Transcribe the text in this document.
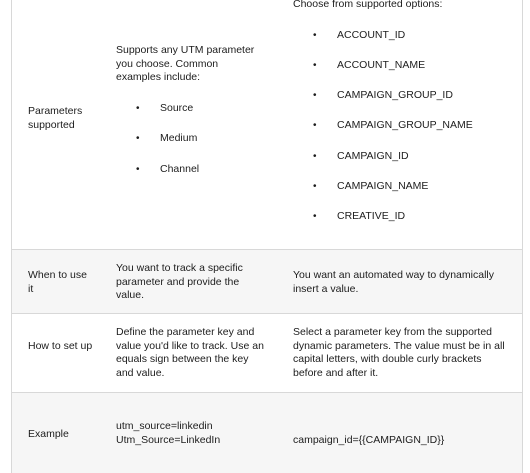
Parameters supported
Supports any UTM parameter you choose. Common examples include:
• Source
• Medium
• Channel
Choose from supported options:
• ACCOUNT_ID
• ACCOUNT_NAME
• CAMPAIGN_GROUP_ID
• CAMPAIGN_GROUP_NAME
• CAMPAIGN_ID
• CAMPAIGN_NAME
• CREATIVE_ID
When to use it
You want to track a specific parameter and provide the value.
You want an automated way to dynamically insert a value.
How to set up
Define the parameter key and value you'd like to track. Use an equals sign between the key and value.
Select a parameter key from the supported dynamic parameters. The value must be in all capital letters, with double curly brackets before and after it.
Example
utm_source=linkedin
Utm_Source=LinkedIn	campaign_id={{CAMPAIGN_ID}}
